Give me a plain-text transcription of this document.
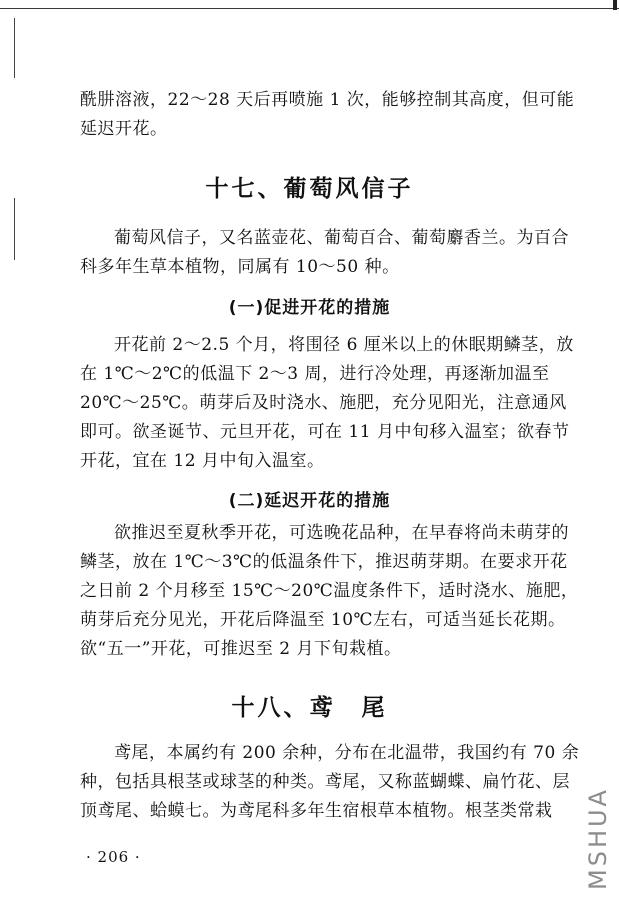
酰肼溶液，22～28 天后再喷施 1 次，能够控制其高度，但可能延迟开花。

十七、葡萄风信子

葡萄风信子，又名蓝壶花、葡萄百合、葡萄麝香兰。为百合科多年生草本植物，同属有 10～50 种。

(一)促进开花的措施

开花前 2～2.5 个月，将围径 6 厘米以上的休眠期鳞茎，放在 1℃～2℃的低温下 2～3 周，进行冷处理，再逐渐加温至 20℃～25℃。萌芽后及时浇水、施肥，充分见阳光，注意通风即可。欲圣诞节、元旦开花，可在 11 月中旬移入温室；欲春节开花，宜在 12 月中旬入温室。

(二)延迟开花的措施

欲推迟至夏秋季开花，可选晚花品种，在早春将尚未萌芽的鳞茎，放在 1℃～3℃的低温条件下，推迟萌芽期。在要求开花之日前 2 个月移至 15℃～20℃温度条件下，适时浇水、施肥，萌芽后充分见光，开花后降温至 10℃左右，可适当延长花期。欲“五一”开花，可推迟至 2 月下旬栽植。

十八、鸢　尾

鸢尾，本属约有 200 余种，分布在北温带，我国约有 70 余种，包括具根茎或球茎的种类。鸢尾，又称蓝蝴蝶、扁竹花、层顶鸢尾、蛤蟆七。为鸢尾科多年生宿根草本植物。根茎类常栽

· 206 ·	MSHUA
